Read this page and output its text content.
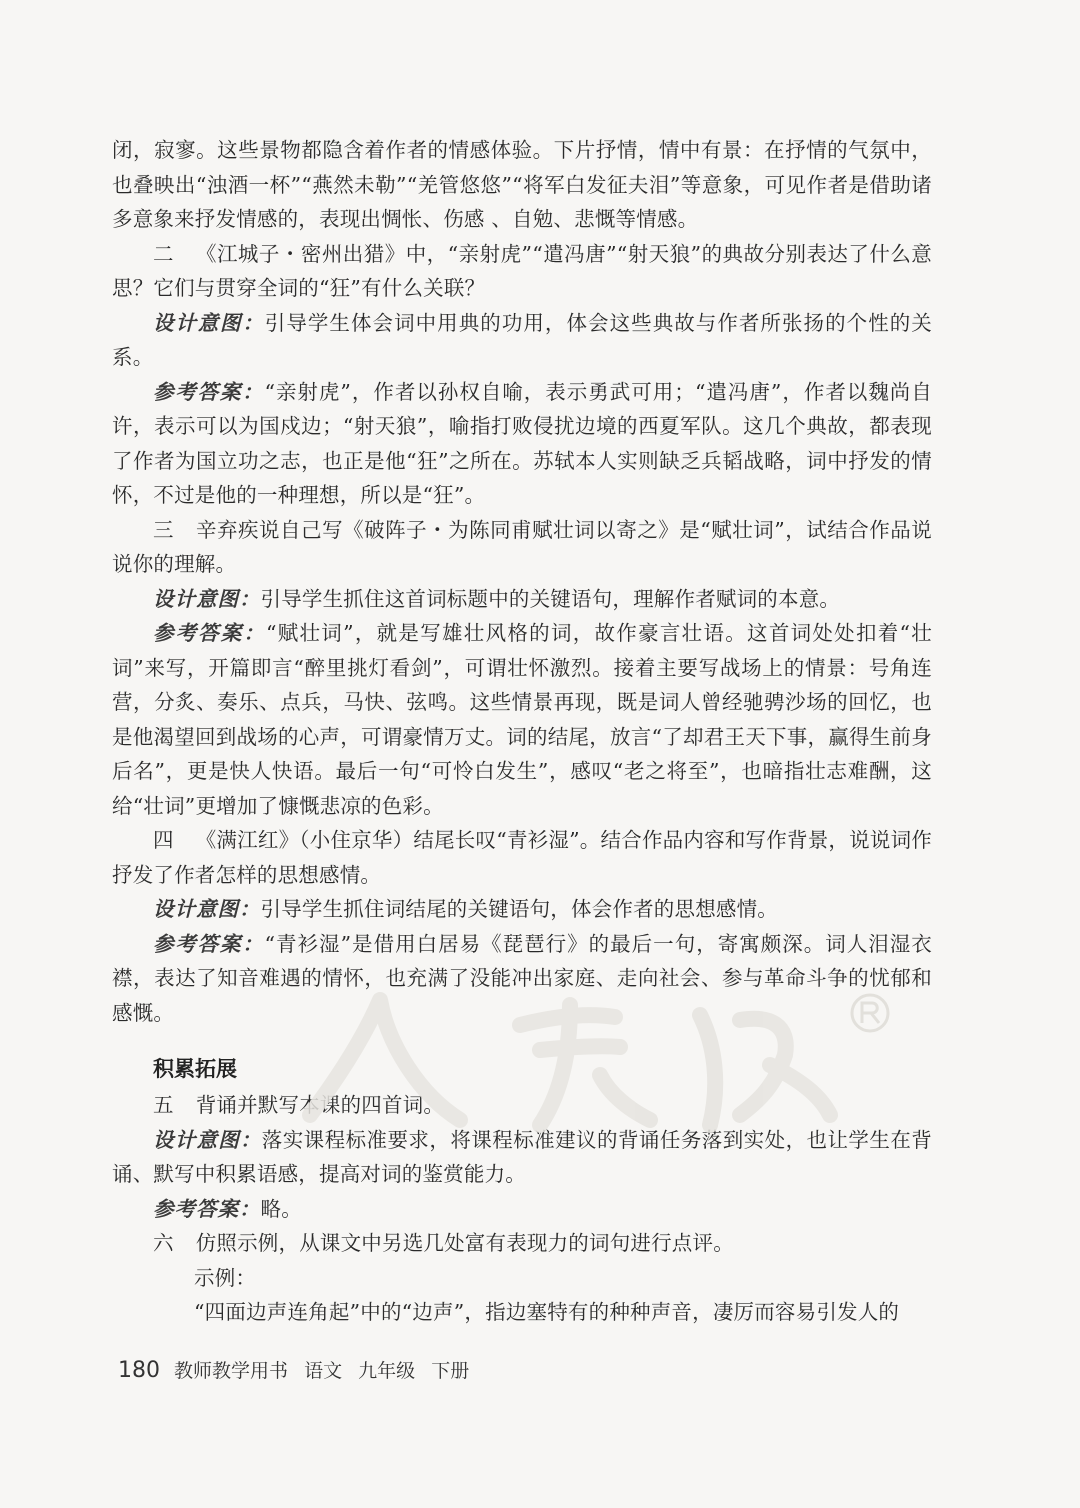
闭，寂寥。这些景物都隐含着作者的情感体验。下片抒情，情中有景：在抒情的气氛中，也叠映出“浊酒一杯”“燕然未勒”“羌管悠悠”“将军白发征夫泪”等意象，可见作者是借助诸多意象来抒发情感的，表现出惆怅、伤感 、自勉、悲慨等情感。

二 《江城子・密州出猎》中，“亲射虎”“遣冯唐”“射天狼”的典故分别表达了什么意思？它们与贯穿全词的“狂”有什么关联？

设计意图：引导学生体会词中用典的功用，体会这些典故与作者所张扬的个性的关系。

参考答案：“亲射虎”，作者以孙权自喻，表示勇武可用；“遣冯唐”，作者以魏尚自许，表示可以为国戍边；“射天狼”，喻指打败侵扰边境的西夏军队。这几个典故，都表现了作者为国立功之志，也正是他“狂”之所在。苏轼本人实则缺乏兵韬战略，词中抒发的情怀，不过是他的一种理想，所以是“狂”。

三 辛弃疾说自己写《破阵子・为陈同甫赋壮词以寄之》是“赋壮词”，试结合作品说说你的理解。

设计意图：引导学生抓住这首词标题中的关键语句，理解作者赋词的本意。

参考答案：“赋壮词”，就是写雄壮风格的词，故作豪言壮语。这首词处处扣着“壮词”来写，开篇即言“醉里挑灯看剑”，可谓壮怀激烈。接着主要写战场上的情景：号角连营，分炙、奏乐、点兵，马快、弦鸣。这些情景再现，既是词人曾经驰骋沙场的回忆，也是他渴望回到战场的心声，可谓豪情万丈。词的结尾，放言“了却君王天下事，赢得生前身后名”，更是快人快语。最后一句“可怜白发生”，感叹“老之将至”，也暗指壮志难酬，这给“壮词”更增加了慷慨悲凉的色彩。

四 《满江红》（小住京华）结尾长叹“青衫湿”。结合作品内容和写作背景，说说词作抒发了作者怎样的思想感情。

设计意图：引导学生抓住词结尾的关键语句，体会作者的思想感情。

参考答案：“青衫湿”是借用白居易《琵琶行》的最后一句，寄寓颇深。词人泪湿衣襟，表达了知音难遇的情怀，也充满了没能冲出家庭、走向社会、参与革命斗争的忧郁和感慨。

积累拓展

五 背诵并默写本课的四首词。

设计意图：落实课程标准要求，将课程标准建议的背诵任务落到实处，也让学生在背诵、默写中积累语感，提高对词的鉴赏能力。

参考答案：略。

六 仿照示例，从课文中另选几处富有表现力的词句进行点评。

示例：

“四面边声连角起”中的“边声”，指边塞特有的种种声音，凄厉而容易引发人的

180 教师教学用书 语文 九年级 下册
